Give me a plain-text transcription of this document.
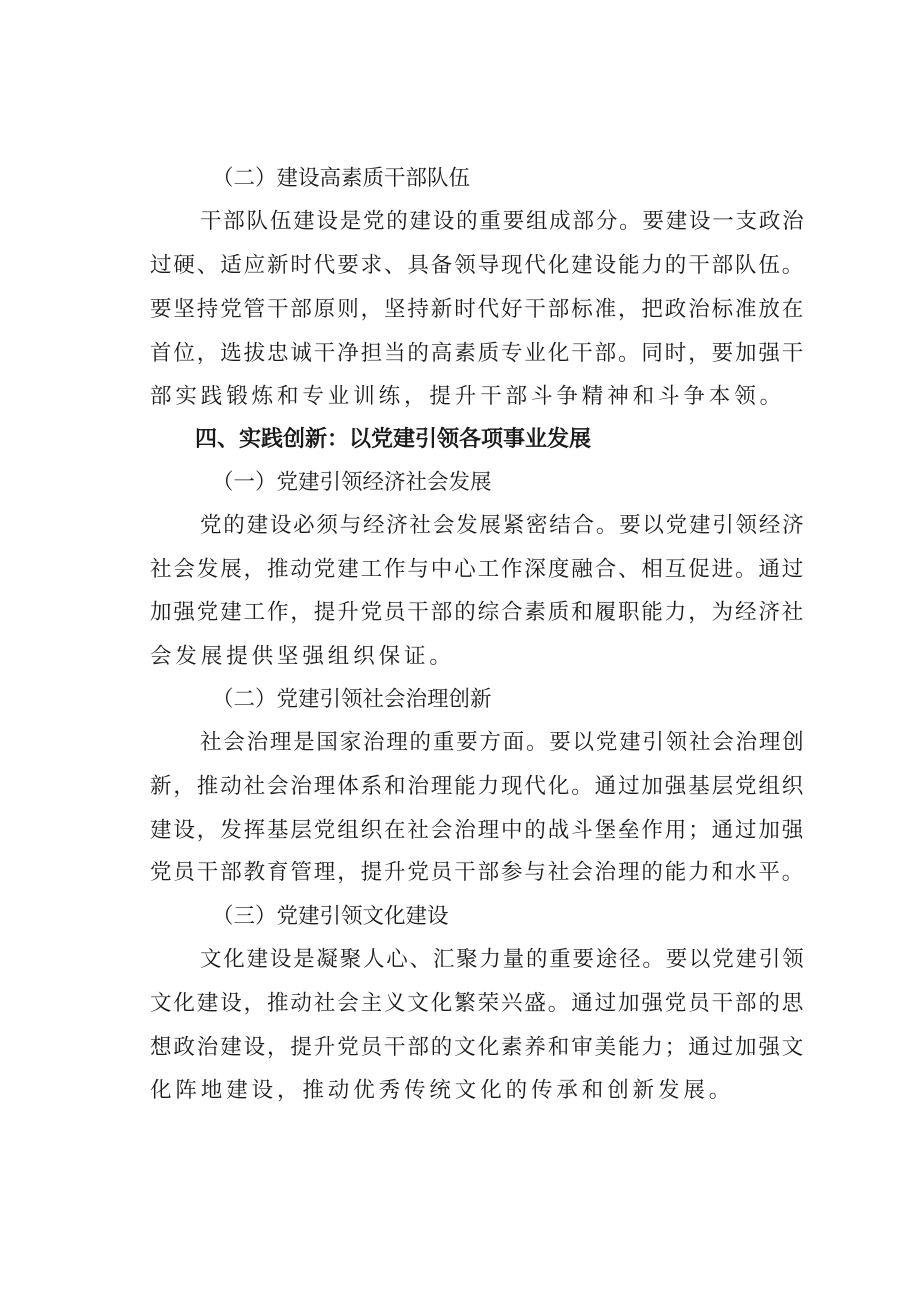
（二）建设高素质干部队伍
干部队伍建设是党的建设的重要组成部分。要建设一支政治
过硬、适应新时代要求、具备领导现代化建设能力的干部队伍。
要坚持党管干部原则，坚持新时代好干部标准，把政治标准放在
首位，选拔忠诚干净担当的高素质专业化干部。同时，要加强干
部实践锻炼和专业训练，提升干部斗争精神和斗争本领。
四、实践创新：以党建引领各项事业发展
（一）党建引领经济社会发展
党的建设必须与经济社会发展紧密结合。要以党建引领经济
社会发展，推动党建工作与中心工作深度融合、相互促进。通过
加强党建工作，提升党员干部的综合素质和履职能力，为经济社
会发展提供坚强组织保证。
（二）党建引领社会治理创新
社会治理是国家治理的重要方面。要以党建引领社会治理创
新，推动社会治理体系和治理能力现代化。通过加强基层党组织
建设，发挥基层党组织在社会治理中的战斗堡垒作用；通过加强
党员干部教育管理，提升党员干部参与社会治理的能力和水平。
（三）党建引领文化建设
文化建设是凝聚人心、汇聚力量的重要途径。要以党建引领
文化建设，推动社会主义文化繁荣兴盛。通过加强党员干部的思
想政治建设，提升党员干部的文化素养和审美能力；通过加强文
化阵地建设，推动优秀传统文化的传承和创新发展。
